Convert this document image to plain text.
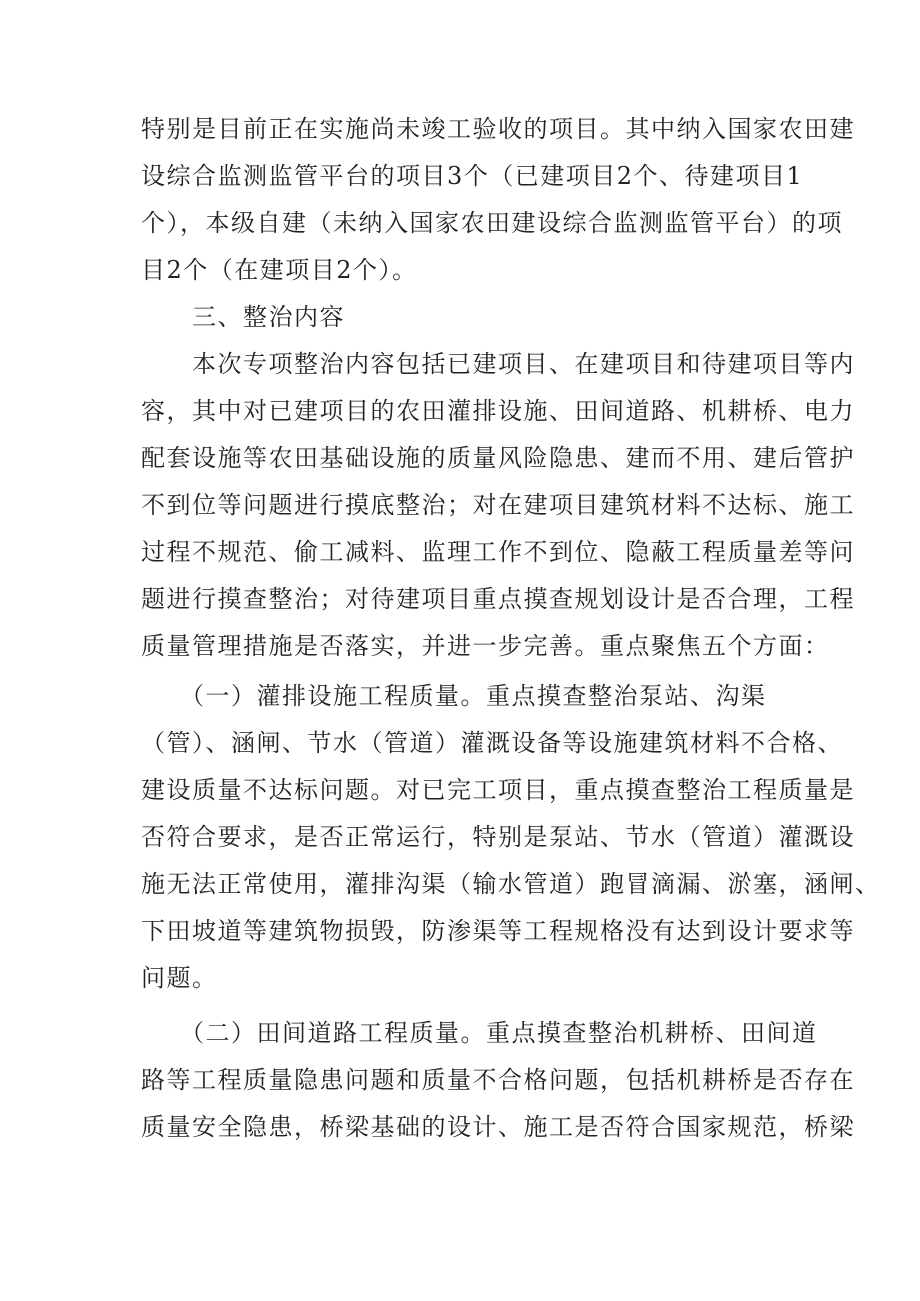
特别是目前正在实施尚未竣工验收的项目。其中纳入国家农田建
设综合监测监管平台的项目3个（已建项目2个、待建项目1
个），本级自建（未纳入国家农田建设综合监测监管平台）的项
目2个（在建项目2个）。
　　三、整治内容
　　本次专项整治内容包括已建项目、在建项目和待建项目等内
容，其中对已建项目的农田灌排设施、田间道路、机耕桥、电力
配套设施等农田基础设施的质量风险隐患、建而不用、建后管护
不到位等问题进行摸底整治；对在建项目建筑材料不达标、施工
过程不规范、偷工减料、监理工作不到位、隐蔽工程质量差等问
题进行摸查整治；对待建项目重点摸查规划设计是否合理，工程
质量管理措施是否落实，并进一步完善。重点聚焦五个方面：
　　（一）灌排设施工程质量。重点摸查整治泵站、沟渠
（管）、涵闸、节水（管道）灌溉设备等设施建筑材料不合格、
建设质量不达标问题。对已完工项目，重点摸查整治工程质量是
否符合要求，是否正常运行，特别是泵站、节水（管道）灌溉设
施无法正常使用，灌排沟渠（输水管道）跑冒滴漏、淤塞，涵闸、
下田坡道等建筑物损毁，防渗渠等工程规格没有达到设计要求等
问题。
　　（二）田间道路工程质量。重点摸查整治机耕桥、田间道
路等工程质量隐患问题和质量不合格问题，包括机耕桥是否存在
质量安全隐患，桥梁基础的设计、施工是否符合国家规范，桥梁
